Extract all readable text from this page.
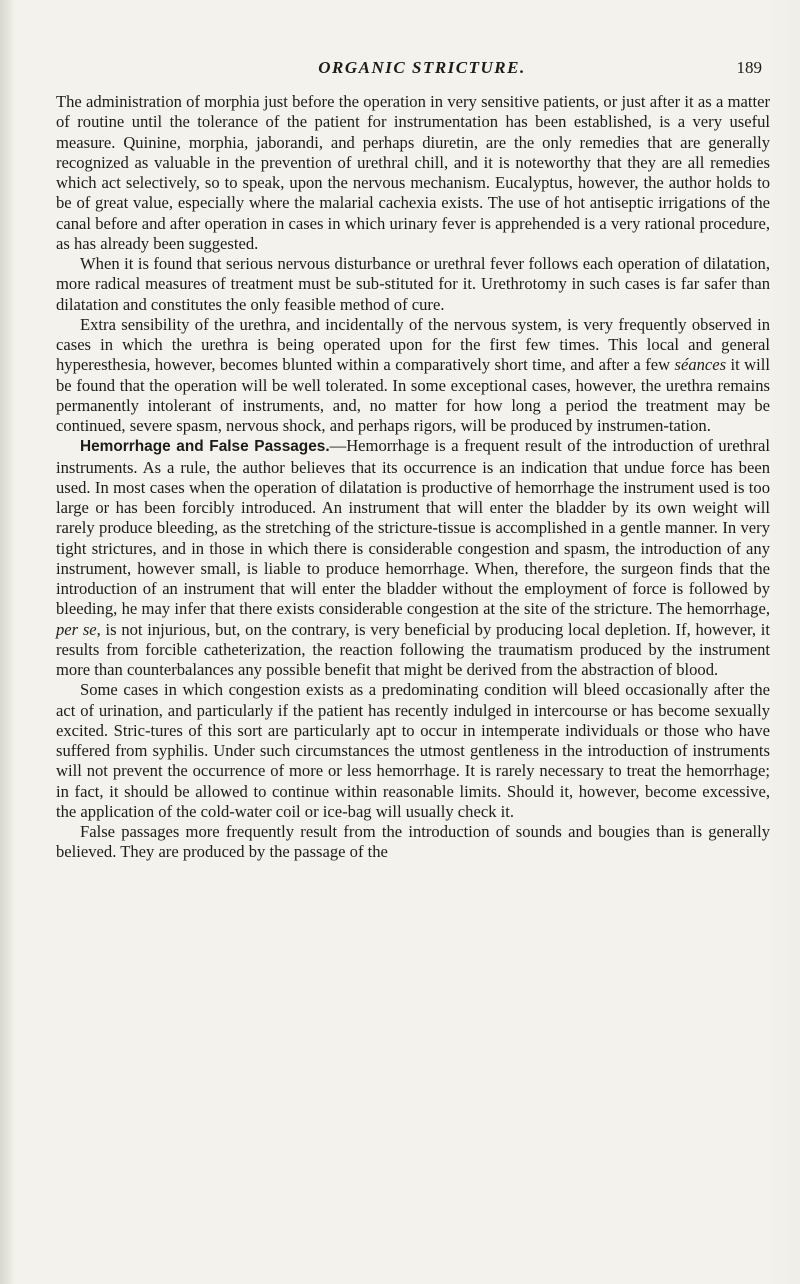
ORGANIC STRICTURE.	189

The administration of morphia just before the operation in very sensitive patients, or just after it as a matter of routine until the tolerance of the patient for instrumentation has been established, is a very useful measure. Quinine, morphia, jaborandi, and perhaps diuretin, are the only remedies that are generally recognized as valuable in the prevention of urethral chill, and it is noteworthy that they are all remedies which act selectively, so to speak, upon the nervous mechanism. Eucalyptus, however, the author holds to be of great value, especially where the malarial cachexia exists. The use of hot antiseptic irrigations of the canal before and after operation in cases in which urinary fever is apprehended is a very rational procedure, as has already been suggested.

When it is found that serious nervous disturbance or urethral fever follows each operation of dilatation, more radical measures of treatment must be sub-stituted for it. Urethrotomy in such cases is far safer than dilatation and constitutes the only feasible method of cure.

Extra sensibility of the urethra, and incidentally of the nervous system, is very frequently observed in cases in which the urethra is being operated upon for the first few times. This local and general hyperesthesia, however, becomes blunted within a comparatively short time, and after a few séances it will be found that the operation will be well tolerated. In some exceptional cases, however, the urethra remains permanently intolerant of instruments, and, no matter for how long a period the treatment may be continued, severe spasm, nervous shock, and perhaps rigors, will be produced by instrumen-tation.

Hemorrhage and False Passages.—Hemorrhage is a frequent result of the introduction of urethral instruments. As a rule, the author believes that its occurrence is an indication that undue force has been used. In most cases when the operation of dilatation is productive of hemorrhage the instrument used is too large or has been forcibly introduced. An instrument that will enter the bladder by its own weight will rarely produce bleeding, as the stretching of the stricture-tissue is accomplished in a gentle manner. In very tight strictures, and in those in which there is considerable congestion and spasm, the introduction of any instrument, however small, is liable to produce hemorrhage. When, therefore, the surgeon finds that the introduction of an instrument that will enter the bladder without the employment of force is followed by bleeding, he may infer that there exists considerable congestion at the site of the stricture. The hemorrhage, per se, is not injurious, but, on the contrary, is very beneficial by producing local depletion. If, however, it results from forcible catheterization, the reaction following the traumatism produced by the instrument more than counterbalances any possible benefit that might be derived from the abstraction of blood.

Some cases in which congestion exists as a predominating condition will bleed occasionally after the act of urination, and particularly if the patient has recently indulged in intercourse or has become sexually excited. Stric-tures of this sort are particularly apt to occur in intemperate individuals or those who have suffered from syphilis. Under such circumstances the utmost gentleness in the introduction of instruments will not prevent the occurrence of more or less hemorrhage. It is rarely necessary to treat the hemorrhage; in fact, it should be allowed to continue within reasonable limits. Should it, however, become excessive, the application of the cold-water coil or ice-bag will usually check it.

False passages more frequently result from the introduction of sounds and bougies than is generally believed. They are produced by the passage of the
